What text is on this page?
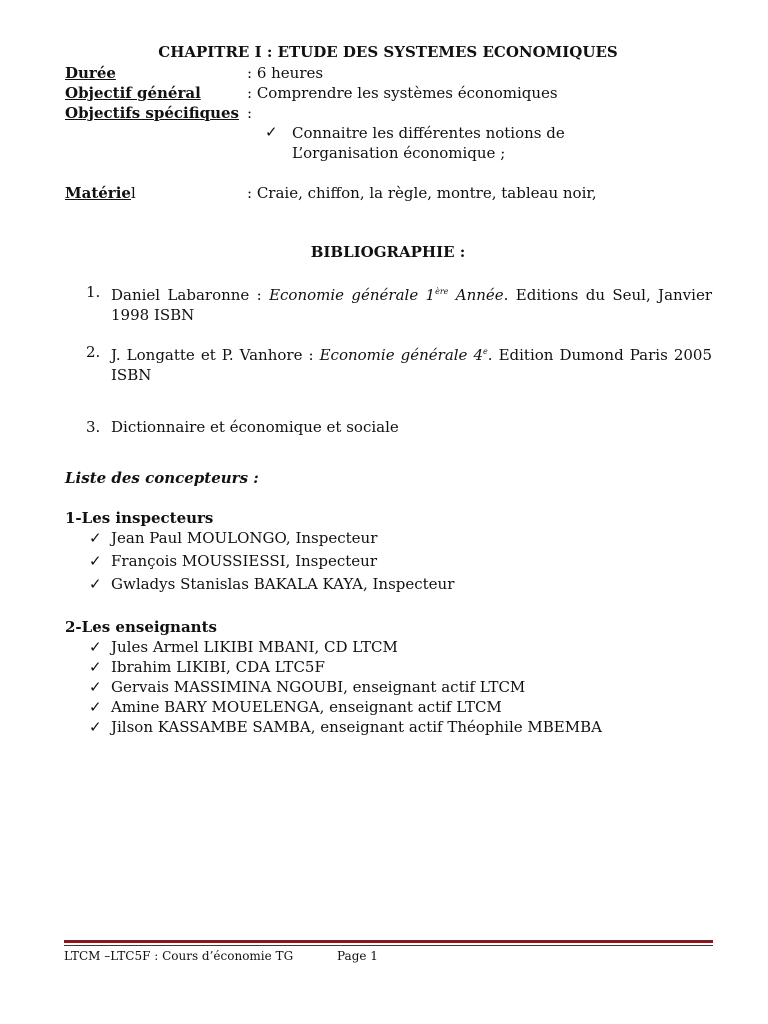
CHAPITRE I : ETUDE DES SYSTEMES ECONOMIQUES
Durée	: 6 heures
Objectif général	: Comprendre les systèmes économiques
Objectifs spécifiques :
✓ Connaitre les différentes notions de
L’organisation économique ;
Matériel	: Craie, chiffon, la règle, montre, tableau noir,
BIBLIOGRAPHIE :
1. Daniel Labaronne : Economie générale 1ère Année. Editions du Seul, Janvier 1998 ISBN
2. J. Longatte et P. Vanhore : Economie générale 4e. Edition Dumond Paris 2005 ISBN
3. Dictionnaire et économique et sociale
Liste des concepteurs :
1-Les inspecteurs
✓ Jean Paul MOULONGO, Inspecteur
✓ François MOUSSIESSI, Inspecteur
✓ Gwladys Stanislas BAKALA KAYA, Inspecteur
2-Les enseignants
✓ Jules Armel LIKIBI MBANI, CD LTCM
✓ Ibrahim LIKIBI, CDA LTC5F
✓ Gervais MASSIMINA NGOUBI, enseignant actif LTCM
✓ Amine BARY MOUELENGA, enseignant actif LTCM
✓ Jilson KASSAMBE SAMBA, enseignant actif Théophile MBEMBA
LTCM –LTC5F : Cours d’économie TG	Page 1
